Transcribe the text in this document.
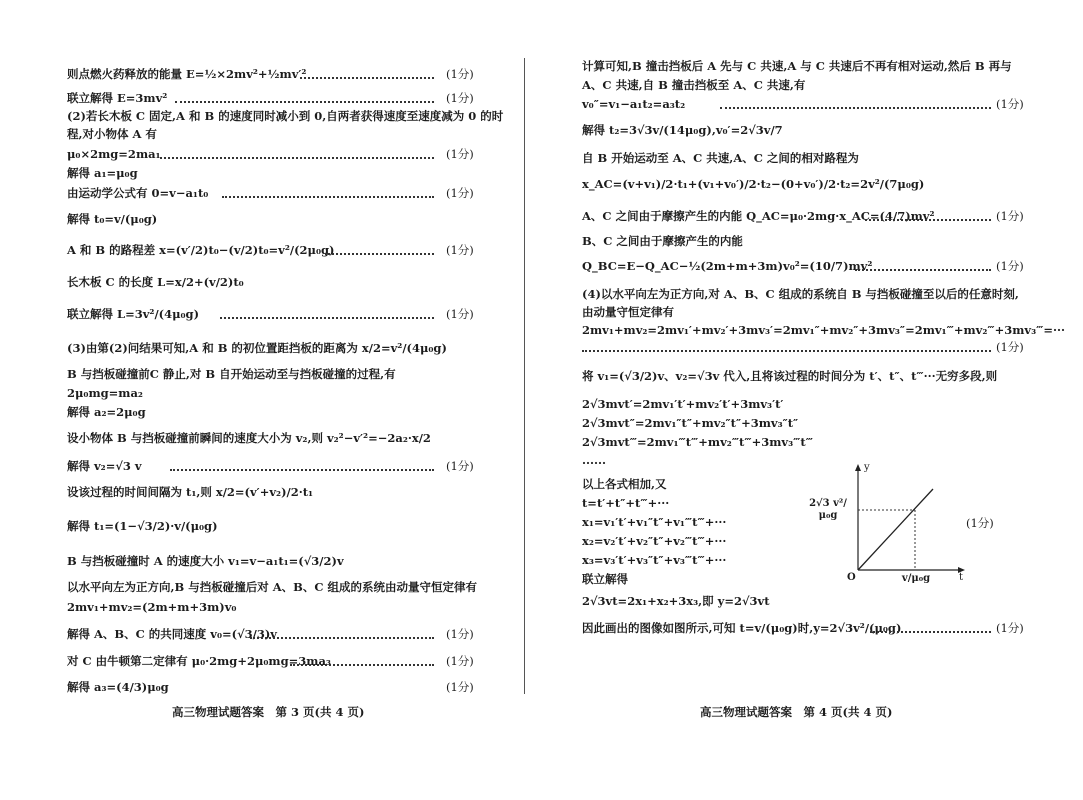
则点燃火药释放的能量 E=½×2mv²+½mv′²	(1分)
联立解得 E=3mv²	(1分)
(2)若长木板 C 固定,A 和 B 的速度同时减小到 0,自两者获得速度至速度减为 0 的时
程,对小物体 A 有
μ₀×2mg=2ma₁	(1分)
解得 a₁=μ₀g
由运动学公式有 0=v−a₁t₀	(1分)
解得 t₀=v/(μ₀g)
A 和 B 的路程差 x=(v′/2)t₀−(v/2)t₀=v²/(2μ₀g)	(1分)
长木板 C 的长度 L=x/2+(v/2)t₀
联立解得 L=3v²/(4μ₀g)	(1分)
(3)由第(2)问结果可知,A 和 B 的初位置距挡板的距离为 x/2=v²/(4μ₀g)
B 与挡板碰撞前C 静止,对 B 自开始运动至与挡板碰撞的过程,有
2μ₀mg=ma₂
解得 a₂=2μ₀g
设小物体 B 与挡板碰撞前瞬间的速度大小为 v₂,则 v₂²−v′²=−2a₂·x/2
解得 v₂=√3 v	(1分)
设该过程的时间间隔为 t₁,则 x/2=(v′+v₂)/2·t₁
解得 t₁=(1−√3/2)·v/(μ₀g)
B 与挡板碰撞时 A 的速度大小 v₁=v−a₁t₁=(√3/2)v
以水平向左为正方向,B 与挡板碰撞后对 A、B、C 组成的系统由动量守恒定律有
2mv₁+mv₂=(2m+m+3m)v₀
解得 A、B、C 的共同速度 v₀=(√3/3)v	(1分)
对 C 由牛顿第二定律有 μ₀·2mg+2μ₀mg=3ma₃	(1分)
解得 a₃=(4/3)μ₀g	(1分)
高三物理试题答案　第 3 页(共 4 页)
计算可知,B 撞击挡板后 A 先与 C 共速,A 与 C 共速后不再有相对运动,然后 B 再与
A、C 共速,自 B 撞击挡板至 A、C 共速,有
v₀″=v₁−a₁t₂=a₃t₂	(1分)
解得 t₂=3√3v/(14μ₀g),v₀′=2√3v/7
自 B 开始运动至 A、C 共速,A、C 之间的相对路程为
x_AC=(v+v₁)/2·t₁+(v₁+v₀′)/2·t₂−(0+v₀′)/2·t₂=2v²/(7μ₀g)
A、C 之间由于摩擦产生的内能 Q_AC=μ₀·2mg·x_AC=(4/7)mv²	(1分)
B、C 之间由于摩擦产生的内能
Q_BC=E−Q_AC−½(2m+m+3m)v₀²=(10/7)mv²	(1分)
(4)以水平向左为正方向,对 A、B、C 组成的系统自 B 与挡板碰撞至以后的任意时刻,
由动量守恒定律有
2mv₁+mv₂=2mv₁′+mv₂′+3mv₃′=2mv₁″+mv₂″+3mv₃″=2mv₁‴+mv₂‴+3mv₃‴=···
(1分)
将 v₁=(√3/2)v、v₂=√3v 代入,且将该过程的时间分为 t′、t″、t‴···无穷多段,则
2√3mvt′=2mv₁′t′+mv₂′t′+3mv₃′t′
2√3mvt″=2mv₁″t″+mv₂″t″+3mv₃″t″
2√3mvt‴=2mv₁‴t‴+mv₂‴t‴+3mv₃‴t‴
······
以上各式相加,又
t=t′+t″+t‴+···
x₁=v₁′t′+v₁″t″+v₁‴t‴+···
x₂=v₂′t′+v₂″t″+v₂‴t‴+···
x₃=v₃′t′+v₃″t″+v₃‴t‴+···
联立解得
2√3vt=2x₁+x₂+3x₃,即 y=2√3vt
(1分)
因此画出的图像如图所示,可知 t=v/(μ₀g)时,y=2√3v²/(μ₀g)	(1分)
高三物理试题答案　第 4 页(共 4 页)
y
t
O
2√3 v²/μ₀g
v/μ₀g
